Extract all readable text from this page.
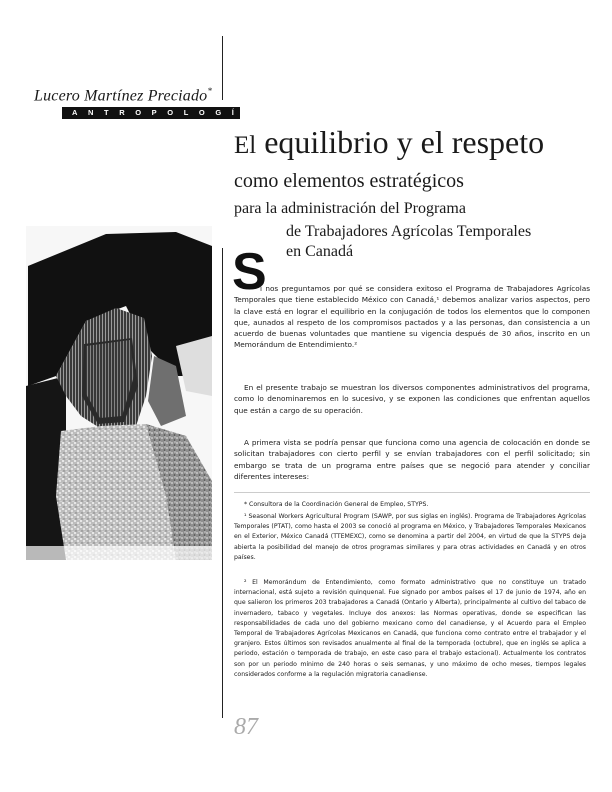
Lucero Martínez Preciado*
ANTROPOLOGÍA
El equilibrio y el respeto
como elementos estratégicos
para la administración del Programa
de Trabajadores Agrícolas Temporales
en Canadá
S

i nos preguntamos por qué se considera exitoso el Programa de Trabajadores Agrícolas Temporales que tiene establecido México con Canadá,¹ debemos analizar varios aspectos, pero la clave está en lograr el equilibrio en la conjugación de todos los elementos que lo componen que, aunados al respeto de los compromisos pactados y a las personas, dan consistencia a un acuerdo de buenas voluntades que mantiene su vigencia después de 30 años, inscrito en un Memorándum de Entendimiento.²

En el presente trabajo se muestran los diversos componentes administrativos del programa, como lo denominaremos en lo sucesivo, y se exponen las condiciones que enfrentan aquellos que están a cargo de su operación.

A primera vista se podría pensar que funciona como una agencia de colocación en donde se solicitan trabajadores con cierto perfil y se envían trabajadores con el perfil solicitado; sin embargo se trata de un programa entre países que se negoció para atender y conciliar diferentes intereses:

* Consultora de la Coordinación General de Empleo, STYPS.

¹ Seasonal Workers Agricultural Program (SAWP, por sus siglas en inglés). Programa de Trabajadores Agrícolas Temporales (PTAT), como hasta el 2003 se conoció al programa en México, y Trabajadores Temporales Mexicanos en el Exterior, México Canadá (TTEMEXC), como se denomina a partir del 2004, en virtud de que la STYPS deja abierta la posibilidad del manejo de otros programas similares y para otras actividades en Canadá y en otros países.

² El Memorándum de Entendimiento, como formato administrativo que no constituye un tratado internacional, está sujeto a revisión quinquenal. Fue signado por ambos países el 17 de junio de 1974, año en que salieron los primeros 203 trabajadores a Canadá (Ontario y Alberta), principalmente al cultivo del tabaco de invernadero, tabaco y vegetales. Incluye dos anexos: las Normas operativas, donde se especifican las responsabilidades de cada uno del gobierno mexicano como del canadiense, y el Acuerdo para el Empleo Temporal de Trabajadores Agrícolas Mexicanos en Canadá, que funciona como contrato entre el trabajador y el granjero. Estos últimos son revisados anualmente al final de la temporada (octubre), que en inglés se aplica a periodo, estación o temporada de trabajo, en este caso para el trabajo estacional). Actualmente los contratos son por un periodo mínimo de 240 horas o seis semanas, y uno máximo de ocho meses, tiempos legales considerados conforme a la regulación migratoria canadiense.

87
